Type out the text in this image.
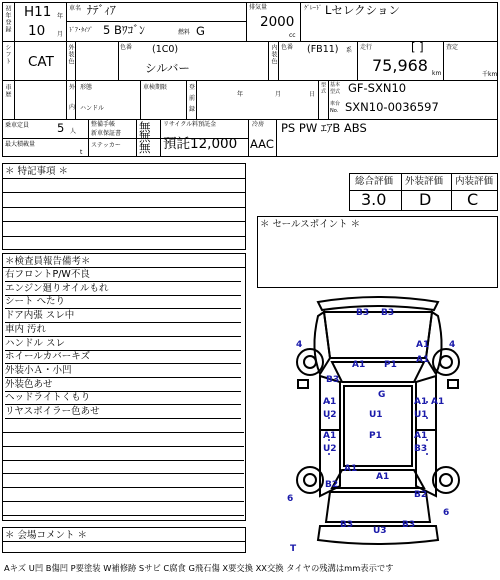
初年登録 H11 年
10 月
車名 ﾅﾃﾞｨｱ
ﾄﾞｱ･ﾀｲﾌﾟ 5 Bﾜｺﾞﾝ	燃料 G
排気量
2000
cc
ｸﾞﾚｰﾄﾞ Lセレクション
シフト CAT 外装色	色番 (1C0)
シルバー
内装色 色番 (FB11) 系 走行	[ ]
75,968 km
査定
千km
車歴	外
内
形態
ハンドル
車検期限	登
前
録
年	月	日
型式 基本
型式 GF-SXN10
車台
No. SXN10-0036597
乗車定員 5 人
最大積載量
t
整備手帳
新車保証書
ステッカー
無
無
無
リサイクル料預託金
預託12,000
冷房
AAC
PS PW ｴｱB ABS
＊ 特記事項 ＊
総合評価 外装評価 内装評価
3.0 D C
＊ セールスポイント ＊
＊検査員報告備考＊
右フロントP/W不良
エンジン廻りオイルもれ
シート へたり
ドア内張 スレ中
車内 汚れ
ハンドル スレ
ホイールカバーキズ
外装小Ａ・小凹
外装色あせ
ヘッドライトくもり
リヤスポイラー色あせ
＊ 会場コメント ＊
B3 B3
4	4
A1 P1
A1
A1
B3
G
A1
U2	U1
A1 A1
U1
A1
U2
P1	A1
B3
A1
A1
B2
B2
6
6
B3
U3
B3
T
Aキズ U凹 B傷凹 P要塗装 W補修跡 Sサビ C腐食 G飛石傷 X要交換 XX交換 タイヤの残溝はmm表示です
